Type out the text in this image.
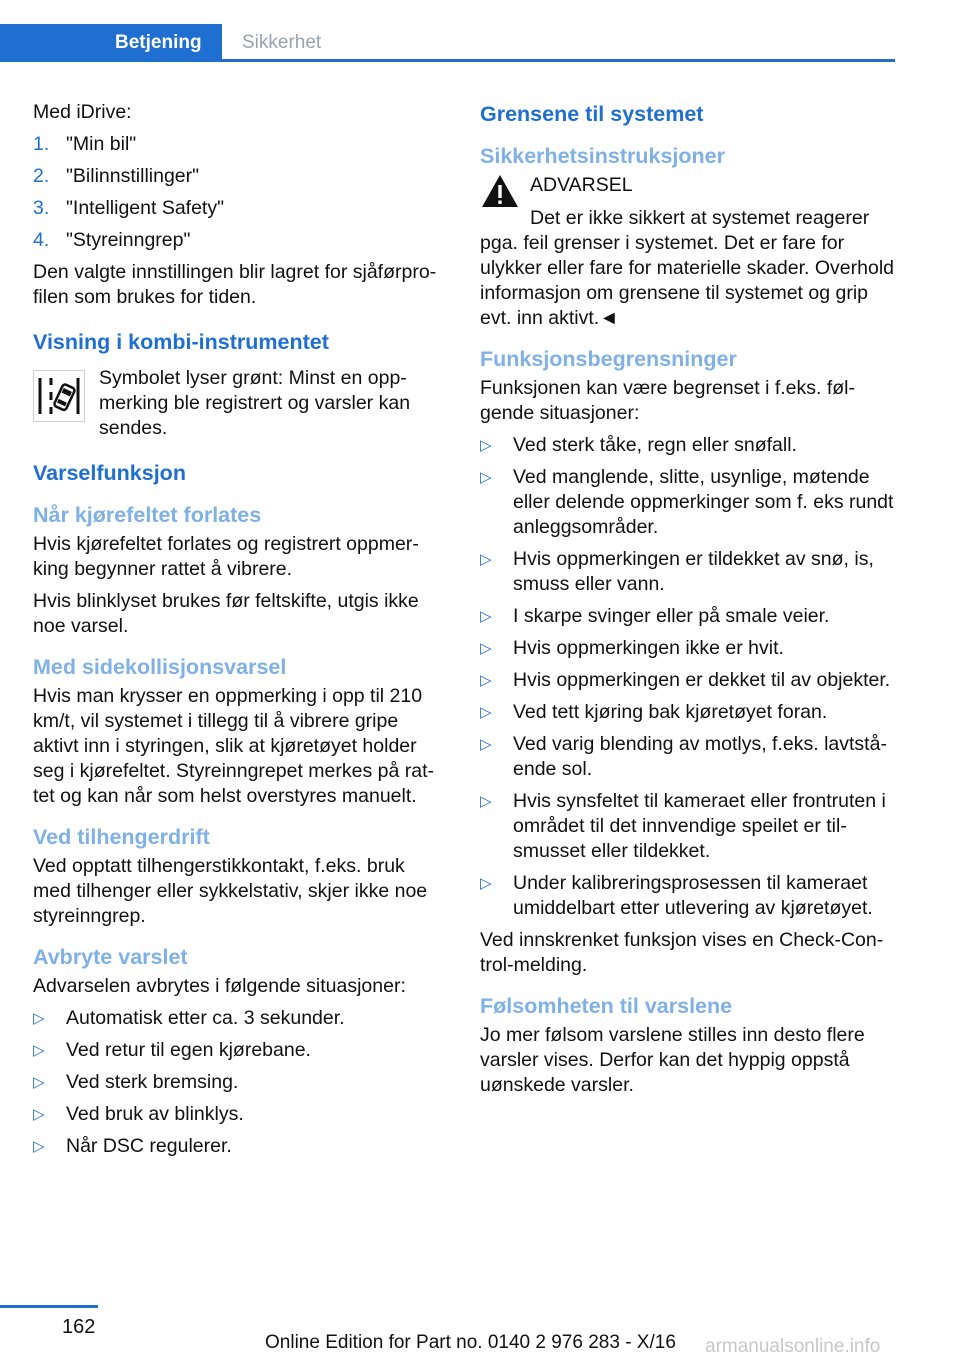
Betjening Sikkerhet

Med iDrive:

1. "Min bil"
2. "Bilinnstillinger"
3. "Intelligent Safety"
4. "Styreinngrep"

Den valgte innstillingen blir lagret for sjåførprofilen som brukes for tiden.

Visning i kombi-instrumentet

Symbolet lyser grønt: Minst en oppmerking ble registrert og varsler kan sendes.

Varselfunksjon
Når kjørefeltet forlates

Hvis kjørefeltet forlates og registrert oppmerking begynner rattet å vibrere.

Hvis blinklyset brukes før feltskifte, utgis ikke noe varsel.

Med sidekollisjonsvarsel

Hvis man krysser en oppmerking i opp til 210 km/t, vil systemet i tillegg til å vibrere gripe aktivt inn i styringen, slik at kjøretøyet holder seg i kjørefeltet. Styreinngrepet merkes på rattet og kan når som helst overstyres manuelt.

Ved tilhengerdrift

Ved opptatt tilhengerstikkontakt, f.eks. bruk med tilhenger eller sykkelstativ, skjer ikke noe styreinngrep.

Avbryte varslet

Advarselen avbrytes i følgende situasjoner:

▷ Automatisk etter ca. 3 sekunder.
▷ Ved retur til egen kjørebane.
▷ Ved sterk bremsing.
▷ Ved bruk av blinklys.
▷ Når DSC regulerer.
Grensene til systemet
Sikkerhetsinstruksjoner
ADVARSEL

Det er ikke sikkert at systemet reagerer pga. feil grenser i systemet. Det er fare for ulykker eller fare for materielle skader. Overhold informasjon om grensene til systemet og grip evt. inn aktivt.◄

Funksjonsbegrensninger

Funksjonen kan være begrenset i f.eks. følgende situasjoner:

▷ Ved sterk tåke, regn eller snøfall.
▷ Ved manglende, slitte, usynlige, møtende eller delende oppmerkinger som f. eks rundt anleggsområder.
▷ Hvis oppmerkingen er tildekket av snø, is, smuss eller vann.
▷ I skarpe svinger eller på smale veier.
▷ Hvis oppmerkingen ikke er hvit.
▷ Hvis oppmerkingen er dekket til av objekter.
▷ Ved tett kjøring bak kjøretøyet foran.
▷ Ved varig blending av motlys, f.eks. lavtstående sol.
▷ Hvis synsfeltet til kameraet eller frontruten i området til det innvendige speilet er tilsmusset eller tildekket.
▷ Under kalibreringsprosessen til kameraet umiddelbart etter utlevering av kjøretøyet.

Ved innskrenket funksjon vises en Check-Control-melding.

Følsomheten til varslene

Jo mer følsom varslene stilles inn desto flere varsler vises. Derfor kan det hyppig oppstå uønskede varsler.

162
Online Edition for Part no. 0140 2 976 283 - X/16 armanualsonline.info
